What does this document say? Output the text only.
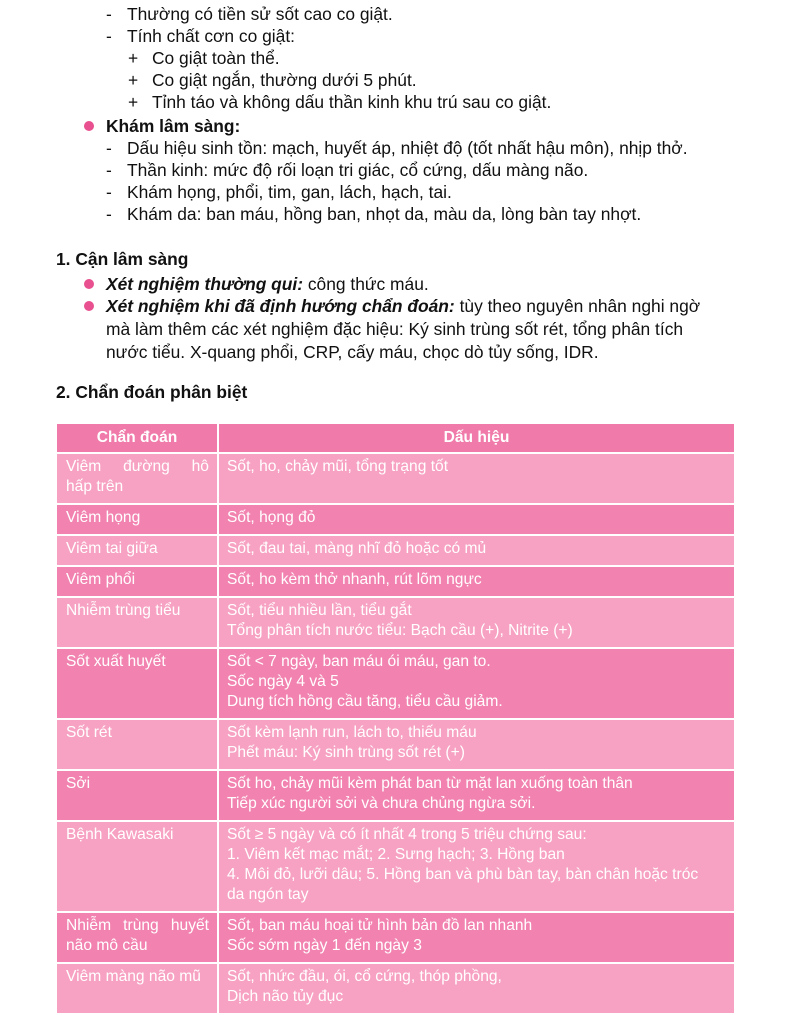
- Thường có tiền sử sốt cao co giật.
- Tính chất cơn co giật:
+ Co giật toàn thể.
+ Co giật ngắn, thường dưới 5 phút.
+ Tỉnh táo và không dấu thần kinh khu trú sau co giật.
Khám lâm sàng:
- Dấu hiệu sinh tồn: mạch, huyết áp, nhiệt độ (tốt nhất hậu môn), nhịp thở.
- Thần kinh: mức độ rối loạn tri giác, cổ cứng, dấu màng não.
- Khám họng, phổi, tim, gan, lách, hạch, tai.
- Khám da: ban máu, hồng ban, nhọt da, màu da, lòng bàn tay nhợt.
1. Cận lâm sàng
Xét nghiệm thường qui: công thức máu.
Xét nghiệm khi đã định hướng chẩn đoán: tùy theo nguyên nhân nghi ngờ
mà làm thêm các xét nghiệm đặc hiệu: Ký sinh trùng sốt rét, tổng phân tích
nước tiểu. X-quang phổi, CRP, cấy máu, chọc dò tủy sống, IDR.
2. Chẩn đoán phân biệt
Chẩn đoán	Dấu hiệu

Viêm đường hô
hấp trên	Sốt, ho, chảy mũi, tổng trạng tốt

Viêm họng	Sốt, họng đỏ

Viêm tai giữa	Sốt, đau tai, màng nhĩ đỏ hoặc có mủ

Viêm phổi	Sốt, ho kèm thở nhanh, rút lõm ngực

Nhiễm trùng tiểu	Sốt, tiểu nhiều lần, tiểu gắt
Tổng phân tích nước tiểu: Bạch cầu (+), Nitrite (+)

Sốt xuất huyết	Sốt < 7 ngày, ban máu ói máu, gan to.
Sốc ngày 4 và 5
Dung tích hồng cầu tăng, tiểu cầu giảm.

Sốt rét	Sốt kèm lạnh run, lách to, thiếu máu
Phết máu: Ký sinh trùng sốt rét (+)

Sởi	Sốt ho, chảy mũi kèm phát ban từ mặt lan xuống toàn thân
Tiếp xúc người sởi và chưa chủng ngừa sởi.

Bệnh Kawasaki	Sốt ≥ 5 ngày và có ít nhất 4 trong 5 triệu chứng sau:
1. Viêm kết mạc mắt; 2. Sưng hạch; 3. Hồng ban
4. Môi đỏ, lưỡi dâu; 5. Hồng ban và phù bàn tay, bàn chân hoặc tróc
da ngón tay

Nhiễm trùng huyết
não mô cầu	Sốt, ban máu hoại tử hình bản đồ lan nhanh
Sốc sớm ngày 1 đến ngày 3

Viêm màng não mũ	Sốt, nhức đầu, ói, cổ cứng, thóp phồng,
Dịch não tủy đục
